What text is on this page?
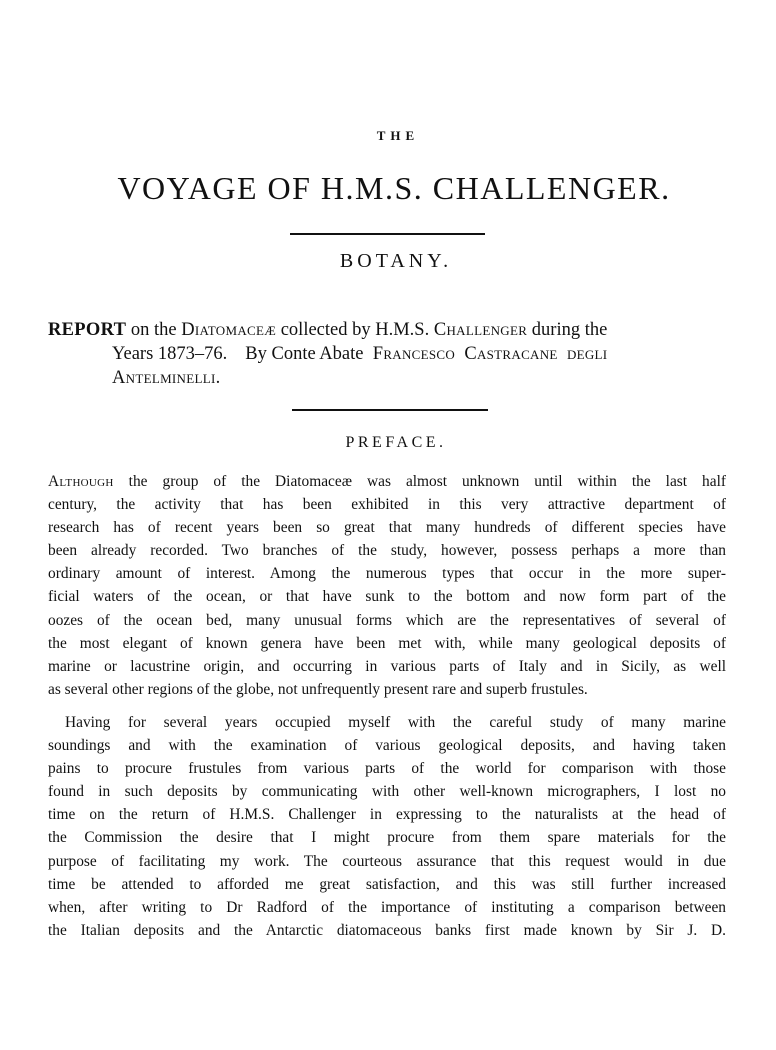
THE
VOYAGE OF H.M.S. CHALLENGER.
BOTANY.
REPORT on the Diatomaceæ collected by H.M.S. Challenger during the
Years 1873–76. By Conte Abate Francesco Castracane degli
Antelminelli.
PREFACE.
Although the group of the Diatomaceæ was almost unknown until within the last half
century, the activity that has been exhibited in this very attractive department of
research has of recent years been so great that many hundreds of different species have
been already recorded. Two branches of the study, however, possess perhaps a more than
ordinary amount of interest. Among the numerous types that occur in the more super-
ficial waters of the ocean, or that have sunk to the bottom and now form part of the
oozes of the ocean bed, many unusual forms which are the representatives of several of
the most elegant of known genera have been met with, while many geological deposits of
marine or lacustrine origin, and occurring in various parts of Italy and in Sicily, as well
as several other regions of the globe, not unfrequently present rare and superb frustules.
Having for several years occupied myself with the careful study of many marine
soundings and with the examination of various geological deposits, and having taken
pains to procure frustules from various parts of the world for comparison with those
found in such deposits by communicating with other well-known micrographers, I lost no
time on the return of H.M.S. Challenger in expressing to the naturalists at the head of
the Commission the desire that I might procure from them spare materials for the
purpose of facilitating my work. The courteous assurance that this request would in due
time be attended to afforded me great satisfaction, and this was still further increased
when, after writing to Dr Radford of the importance of instituting a comparison between
the Italian deposits and the Antarctic diatomaceous banks first made known by Sir J. D.
